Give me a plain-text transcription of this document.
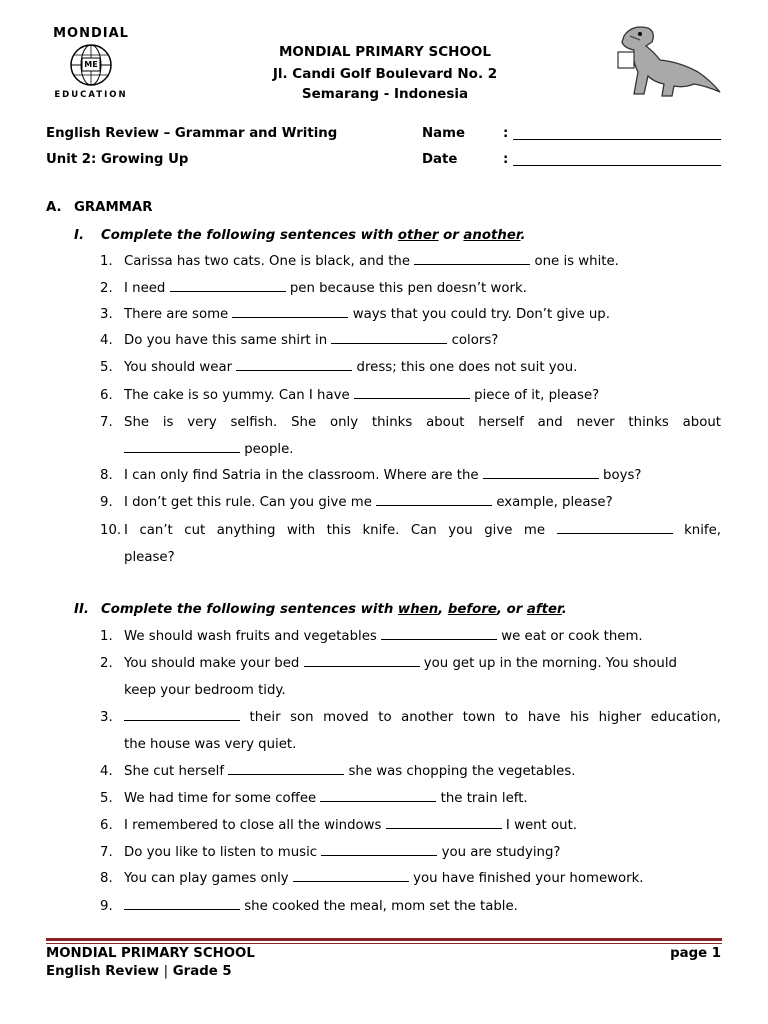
MONDIAL
ME
EDUCATION
MONDIAL PRIMARY SCHOOL
Jl. Candi Golf Boulevard No. 2
Semarang - Indonesia
English Review – Grammar and Writing	Name	:
Unit 2: Growing Up	Date	:
A. GRAMMAR
I. Complete the following sentences with other or another.
1. Carissa has two cats. One is black, and the	one is white.
2. I need	pen because this pen doesn’t work.
3. There are some	ways that you could try. Don’t give up.
4. Do you have this same shirt in	colors?
5. You should wear	dress; this one does not suit you.
6. The cake is so yummy. Can I have	piece of it, please?
7. She is very selfish. She only thinks about herself and never thinks about
people.
8. I can only find Satria in the classroom. Where are the	boys?
9. I don’t get this rule. Can you give me	example, please?
10. I can’t cut anything with this knife. Can you give me	knife,
please?
II. Complete the following sentences with when, before, or after.
1. We should wash fruits and vegetables	we eat or cook them.
2. You should make your bed	you get up in the morning. You should
keep your bedroom tidy.
3.	their son moved to another town to have his higher education,
the house was very quiet.
4. She cut herself	she was chopping the vegetables.
5. We had time for some coffee	the train left.
6. I remembered to close all the windows	I went out.
7. Do you like to listen to music	you are studying?
8. You can play games only	you have finished your homework.
9.	she cooked the meal, mom set the table.
MONDIAL PRIMARY SCHOOL
English Review | Grade 5
page 1
